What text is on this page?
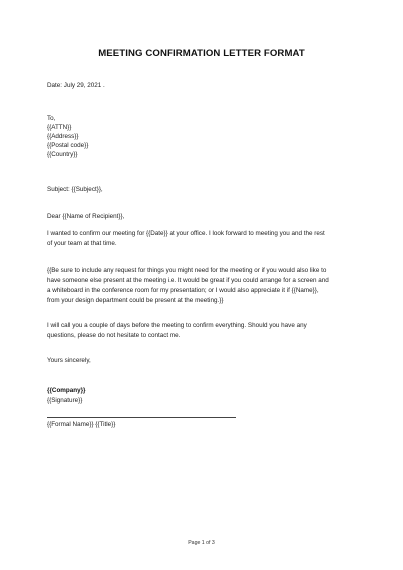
MEETING CONFIRMATION LETTER FORMAT
Date: July 29, 2021 .
To,
{{ATTN}}
{{Address}}
{{Postal code}}
{{Country}}
Subject: {{Subject}},
Dear {{Name of Recipient}},
I wanted to confirm our meeting for {{Date}} at your office. I look forward to meeting you and the rest
of your team at that time.
{{Be sure to include any request for things you might need for the meeting or if you would also like to
have someone else present at the meeting i.e. It would be great if you could arrange for a screen and
a whiteboard in the conference room for my presentation; or I would also appreciate it if {{Name}},
from your design department could be present at the meeting.}}
I will call you a couple of days before the meeting to confirm everything. Should you have any
questions, please do not hesitate to contact me.
Yours sincerely,
{{Company}}
{{Signature}}
{{Formal Name}} {{Title}}
Page 1 of 3
